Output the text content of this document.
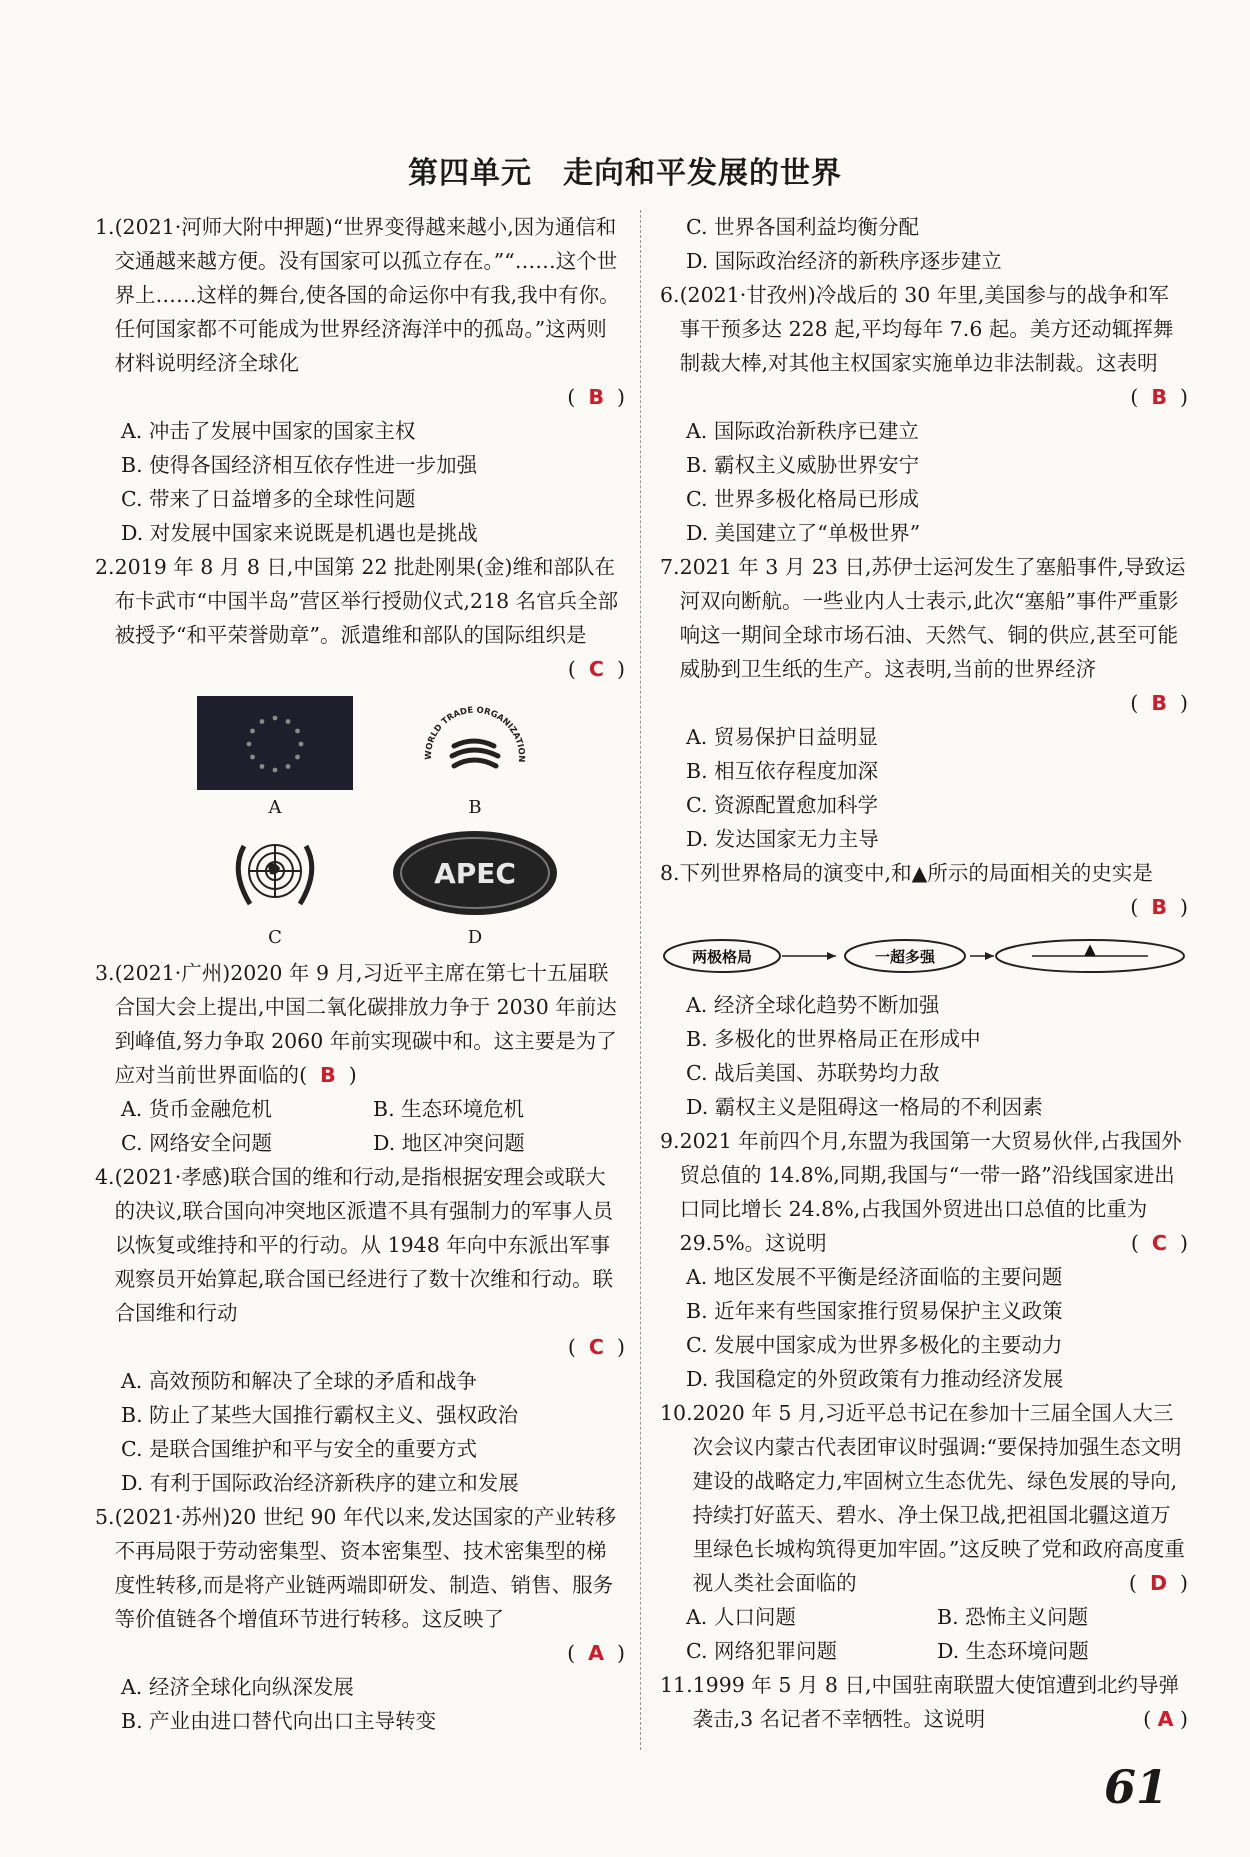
第四单元　走向和平发展的世界
1. (2021·河师大附中押题)“世界变得越来越小,因为通信和交通越来越方便。没有国家可以孤立存在。”“……这个世界上……这样的舞台,使各国的命运你中有我,我中有你。任何国家都不可能成为世界经济海洋中的孤岛。”这两则材料说明经济全球化
(  B  )
A. 冲击了发展中国家的国家主权
B. 使得各国经济相互依存性进一步加强
C. 带来了日益增多的全球性问题
D. 对发展中国家来说既是机遇也是挑战
2. 2019 年 8 月 8 日,中国第 22 批赴刚果(金)维和部队在布卡武市“中国半岛”营区举行授勋仪式,218 名官兵全部被授予“和平荣誉勋章”。派遣维和部队的国际组织是
(  C  )
A
WORLD TRADE ORGANIZATION
B
C
APEC
D
3. (2021·广州)2020 年 9 月,习近平主席在第七十五届联合国大会上提出,中国二氧化碳排放力争于 2030 年前达到峰值,努力争取 2060 年前实现碳中和。这主要是为了应对当前世界面临的(  B  )
A. 货币金融危机	B. 生态环境危机
C. 网络安全问题	D. 地区冲突问题
4. (2021·孝感)联合国的维和行动,是指根据安理会或联大的决议,联合国向冲突地区派遣不具有强制力的军事人员以恢复或维持和平的行动。从 1948 年向中东派出军事观察员开始算起,联合国已经进行了数十次维和行动。联合国维和行动
(  C  )
A. 高效预防和解决了全球的矛盾和战争
B. 防止了某些大国推行霸权主义、强权政治
C. 是联合国维护和平与安全的重要方式
D. 有利于国际政治经济新秩序的建立和发展
5. (2021·苏州)20 世纪 90 年代以来,发达国家的产业转移不再局限于劳动密集型、资本密集型、技术密集型的梯度性转移,而是将产业链两端即研发、制造、销售、服务等价值链各个增值环节进行转移。这反映了
(  A  )
A. 经济全球化向纵深发展
B. 产业由进口替代向出口主导转变
C. 世界各国利益均衡分配
D. 国际政治经济的新秩序逐步建立
6. (2021·甘孜州)冷战后的 30 年里,美国参与的战争和军事干预多达 228 起,平均每年 7.6 起。美方还动辄挥舞制裁大棒,对其他主权国家实施单边非法制裁。这表明
(  B  )
A. 国际政治新秩序已建立
B. 霸权主义威胁世界安宁
C. 世界多极化格局已形成
D. 美国建立了“单极世界”
7. 2021 年 3 月 23 日,苏伊士运河发生了塞船事件,导致运河双向断航。一些业内人士表示,此次“塞船”事件严重影响这一期间全球市场石油、天然气、铜的供应,甚至可能威胁到卫生纸的生产。这表明,当前的世界经济
(  B  )
A. 贸易保护日益明显
B. 相互依存程度加深
C. 资源配置愈加科学
D. 发达国家无力主导
8. 下列世界格局的演变中,和▲所示的局面相关的史实是
(  B  )
两极格局	一超多强	▲
A. 经济全球化趋势不断加强
B. 多极化的世界格局正在形成中
C. 战后美国、苏联势均力敌
D. 霸权主义是阻碍这一格局的不利因素
9. 2021 年前四个月,东盟为我国第一大贸易伙伴,占我国外贸总值的 14.8%,同期,我国与“一带一路”沿线国家进出口同比增长 24.8%,占我国外贸进出口总值的比重为 29.5%。这说明	(  C  )
A. 地区发展不平衡是经济面临的主要问题
B. 近年来有些国家推行贸易保护主义政策
C. 发展中国家成为世界多极化的主要动力
D. 我国稳定的外贸政策有力推动经济发展
10. 2020 年 5 月,习近平总书记在参加十三届全国人大三次会议内蒙古代表团审议时强调:“要保持加强生态文明建设的战略定力,牢固树立生态优先、绿色发展的导向,持续打好蓝天、碧水、净土保卫战,把祖国北疆这道万里绿色长城构筑得更加牢固。”这反映了党和政府高度重视人类社会面临的	(  D  )
A. 人口问题	B. 恐怖主义问题
C. 网络犯罪问题	D. 生态环境问题
11. 1999 年 5 月 8 日,中国驻南联盟大使馆遭到北约导弹袭击,3 名记者不幸牺牲。这说明	( A )
61
